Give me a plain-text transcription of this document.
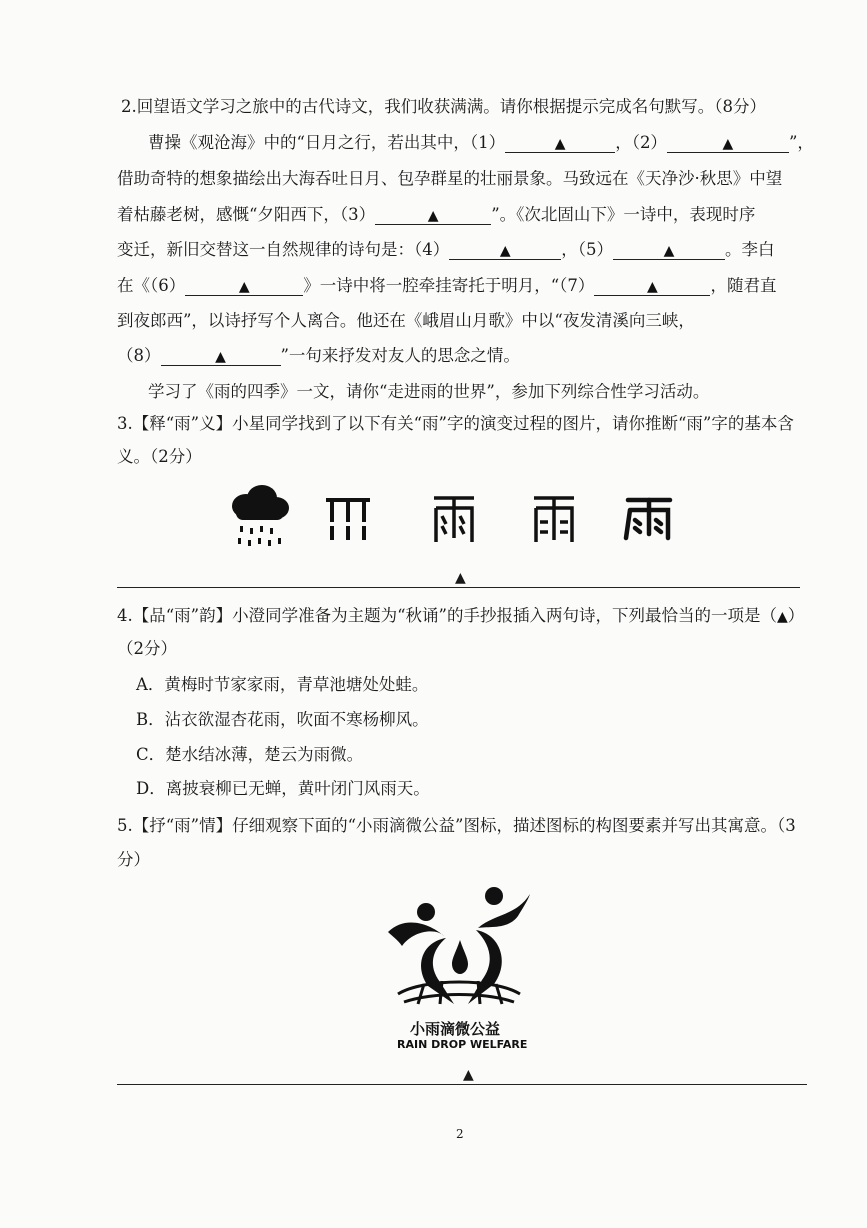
2.回望语文学习之旅中的古代诗文，我们收获满满。请你根据提示完成名句默写。（8分）
曹操《观沧海》中的“日月之行，若出其中，（1）	▲	，（2）	▲	”，
借助奇特的想象描绘出大海吞吐日月、包孕群星的壮丽景象。马致远在《天净沙·秋思》中望
着枯藤老树，感慨“夕阳西下，（3）	▲	”。《次北固山下》一诗中，表现时序
变迁，新旧交替这一自然规律的诗句是：（4）	▲	，（5）	▲	。李白
在《（6）	▲	》一诗中将一腔牵挂寄托于明月，“（7）	▲	，随君直
到夜郎西”，以诗抒写个人离合。他还在《峨眉山月歌》中以“夜发清溪向三峡，
（8）	▲	”一句来抒发对友人的思念之情。
学习了《雨的四季》一文，请你“走进雨的世界”，参加下列综合性学习活动。
3.【释“雨”义】小星同学找到了以下有关“雨”字的演变过程的图片，请你推断“雨”字的基本含
义。（2分）
▲
4.【品“雨”韵】小澄同学准备为主题为“秋诵”的手抄报插入两句诗，下列最恰当的一项是（▲）
（2分）
A．黄梅时节家家雨，青草池塘处处蛙。
B．沾衣欲湿杏花雨，吹面不寒杨柳风。
C．楚水结冰薄，楚云为雨微。
D．离披衰柳已无蝉，黄叶闭门风雨天。
5.【抒“雨”情】仔细观察下面的“小雨滴微公益”图标，描述图标的构图要素并写出其寓意。（3
分）
小雨滴微公益
RAIN DROP WELFARE
▲
2
